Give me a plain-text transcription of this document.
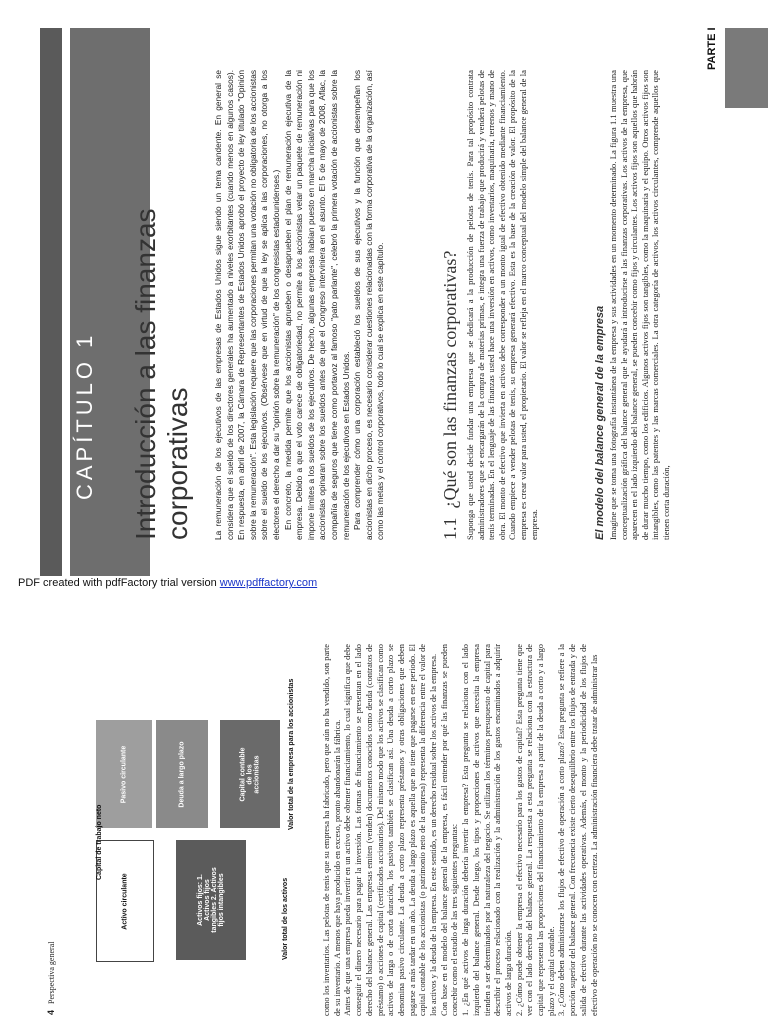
CAPÍTULO 1
PARTE I
Introducción a las finanzas corporativas La remuneración de los ejecutivos de las empresas de Estados Unidos sigue siendo un tema candente. En general se considera que el sueldo de los directores generales ha aumentado a niveles exorbitantes (cuando menos en algunos casos). En respuesta, en abril de 2007, la Cámara de Representantes de Estados Unidos aprobó el proyecto de ley titulado "Opinión sobre la remuneración". Esta legislación requiere que las corporaciones permitan una votación no obligatoria de los accionistas sobre el sueldo de los ejecutivos. (Obsérvese que en virtud de que la ley se aplica a las corporaciones, no otorga a los electores el derecho a dar su "opinión sobre la remuneración" de los congresistas estadounidenses.) En concreto, la medida permite que los accionistas aprueben o desaprueben el plan de remuneración ejecutiva de la empresa. Debido a que el voto carece de obligatoriedad, no permite a los accionistas vetar un paquete de remuneración ni impone límites a los sueldos de los ejecutivos. De hecho, algunas empresas habían puesto en marcha iniciativas para que los accionistas opinaran sobre los sueldos antes de que el Congreso interviniera en el asunto. El 5 de mayo de 2008, Aflac, la compañía de seguros que tiene como portavoz al famoso "pato parlante", celebró la primera votación de accionistas sobre la remuneración de los ejecutivos en Estados Unidos. Para comprender cómo una corporación estableció los sueldos de sus ejecutivos y la función que desempeñan los accionistas en dicho proceso, es necesario considerar cuestiones relacionadas con la forma corporativa de la organización, así como las metas y el control corporativos, todo lo cual se explica en este capítulo.	1.1  ¿Qué son las finanzas corporativas? Suponga que usted decide fundar una empresa que se dedicará a la producción de pelotas de tenis. Para tal propósito contrata administradores que se encargarán de la compra de materias primas, e integra una fuerza de trabajo que producirá y venderá pelotas de tenis terminadas. En el lenguaje de las finanzas usted hace una inversión en activos, como inventarios, maquinaria, terrenos y mano de obra. El monto de efectivo que invierta en activos debe corresponder a un monto igual de efectivo obtenido mediante financiamiento. Cuando empiece a vender pelotas de tenis, su empresa generará efectivo. Esta es la base de la creación de valor. El propósito de la empresa es crear valor para usted, el propietario. El valor se refleja en el marco conceptual del modelo simple del balance general de la empresa.	El modelo del balance general de la empresa Imagine que se toma una fotografía instantánea de la empresa y sus actividades en un momento determinado. La figura 1.1 muestra una conceptualización gráfica del balance general que le ayudará a introducirse a las finanzas corporativas. Los activos de la empresa, que aparecen en el lado izquierdo del balance general, se pueden concebir como fijos y circulantes. Los activos fijos son aquellos que habrán de durar mucho tiempo, como los edificios. Algunos activos fijos son tangibles, como la maquinaria y el equipo. Otros activos fijos son intangibles, como las patentes y las marcas comerciales. La otra categoría de activos, los activos circulantes, comprende aquellos que tienen corta duración,
PDF created with pdfFactory trial version www.pdffactory.com
4Perspectiva general
Activo circulante	Activos fijos: 1. Activos fijos tangibles 2. Activos fijos intangibles
Pasivo circulante	Deuda a largo plazo	Capital contable de los accionistas
Capital de trabajo neto
Valor total de los activos
Valor total de la empresa para los accionistas	como los inventarios. Las pelotas de tenis que su empresa ha fabricado, pero que aún no ha vendido, son parte de su inventario. A menos que haya producido en exceso, pronto abandonarán la fábrica. Antes de que una empresa pueda invertir en un activo debe obtener financiamiento, lo cual significa que debe conseguir el dinero necesario para pagar la inversión. Las formas de financiamiento se presentan en el lado derecho del balance general. Las empresas emiten (venden) documentos conocidos como deuda (contratos de préstamo) o acciones de capital (certificados accionarios). Del mismo modo que los activos se clasifican como activos de larga o de corta duración, los pasivos también se clasifican así. Una deuda a corto plazo se denomina pasivo circulante. La deuda a corto plazo representa préstamos y otras obligaciones que deben pagarse a más tardar en un año. La deuda a largo plazo es aquella que no tiene que pagarse en ese periodo. El capital contable de los accionistas (o patrimonio neto de la empresa) representa la diferencia entre el valor de los activos y la deuda de la empresa. En este sentido, es un derecho residual sobre los activos de la empresa. Con base en el modelo del balance general de la empresa, es fácil entender por qué las finanzas se pueden concebir como el estudio de las tres siguientes preguntas: 1. ¿En qué activos de larga duración debería invertir la empresa? Esta pregunta se relaciona con el lado izquierdo del balance general. Desde luego, los tipos y proporciones de activos que necesita la empresa tienden a ser determinados por la naturaleza del negocio. Se utilizan los términos presupuesto de capital para describir el proceso relacionado con la realización y la administración de los gastos encaminados a adquirir activos de larga duración. 2. ¿Cómo puede obtener la empresa el efectivo necesario para los gastos de capital? Esta pregunta tiene que ver con el lado derecho del balance general. La respuesta a esta pregunta se relaciona con la estructura de capital que representa las proporciones del financiamiento de la empresa a partir de la deuda a corto y a largo plazo y el capital contable. 3. ¿Cómo deben administrarse los flujos de efectivo de operación a corto plazo? Esta pregunta se refiere a la porción superior del balance general. Con frecuencia existe cierto desequilibrio entre los flujos de entrada y de salida de efectivo durante las actividades operativas. Además, el monto y la periodicidad de los flujos de efectivo de operación no se conocen con certeza. La administración financiera debe tratar de administrar las
